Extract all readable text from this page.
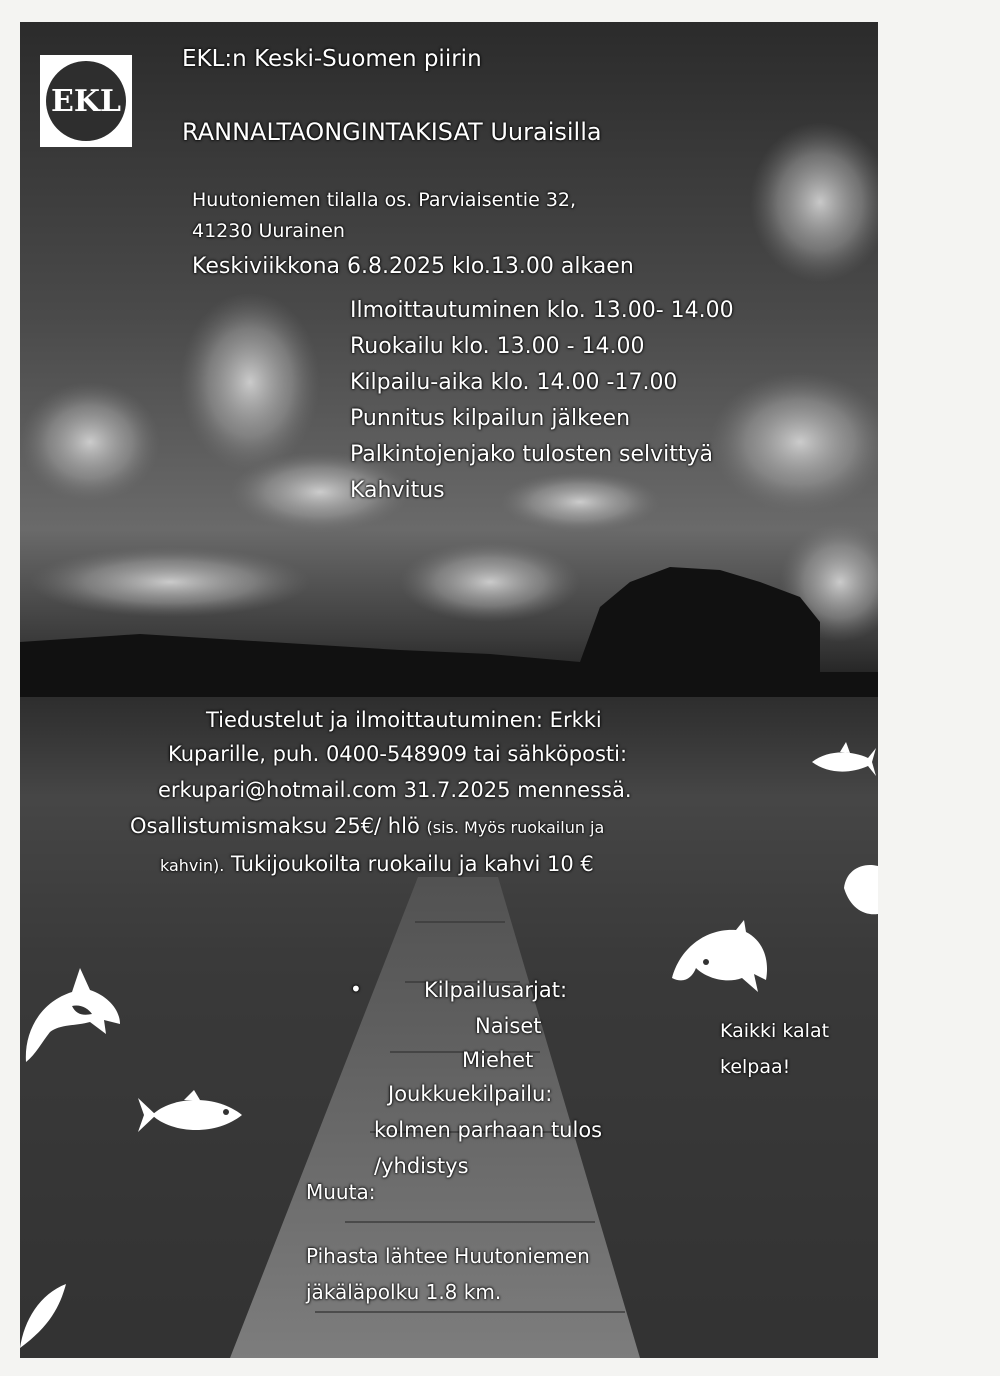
EKL
EKL:n Keski-Suomen piirin
RANNALTAONGINTAKISAT Uuraisilla
Huutoniemen tilalla os. Parviaisentie 32,
41230 Uurainen
Keskiviikkona 6.8.2025 klo.13.00 alkaen
Ilmoittautuminen klo. 13.00- 14.00
Ruokailu klo. 13.00 - 14.00
Kilpailu-aika klo. 14.00 -17.00
Punnitus kilpailun jälkeen
Palkintojenjako tulosten selvittyä
Kahvitus
Tiedustelut ja ilmoittautuminen: Erkki
Kuparille, puh. 0400-548909 tai sähköposti:
erkupari@hotmail.com 31.7.2025 mennessä.
Osallistumismaksu 25€/ hlö (sis. Myös ruokailun ja
kahvin). Tukijoukoilta ruokailu ja kahvi 10 €
•	Kilpailusarjat:
Naiset
Miehet
Joukkuekilpailu:
kolmen parhaan tulos
/yhdistys
Kaikki kalat
kelpaa!
Muuta:
Pihasta lähtee Huutoniemen
jäkäläpolku 1.8 km.
